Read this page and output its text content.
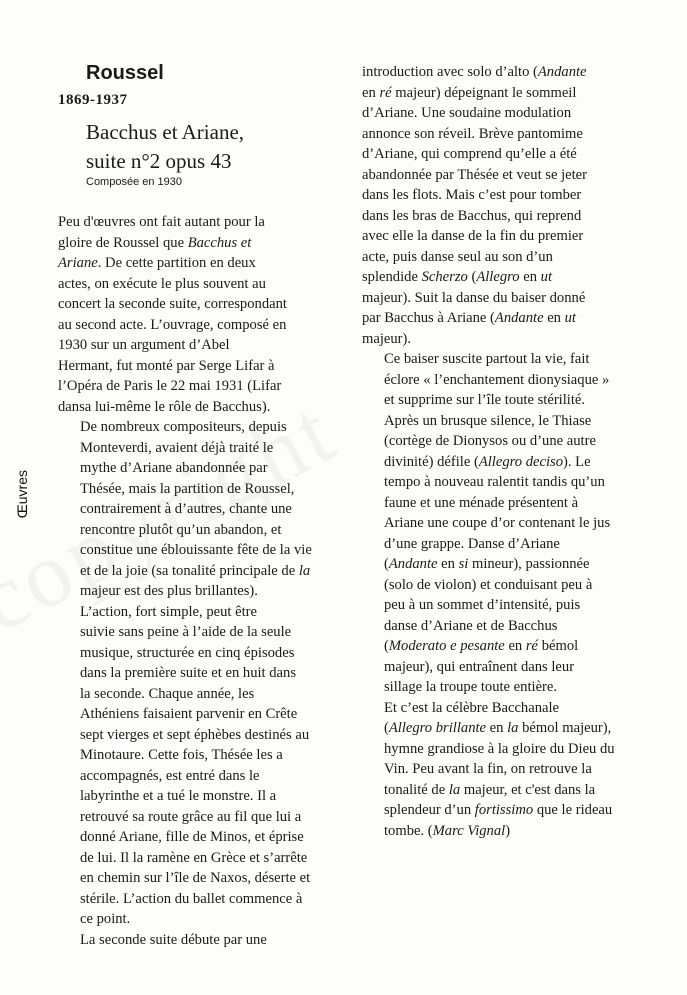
Œuvres
Roussel
1869-1937
Bacchus et Ariane,
suite n°2 opus 43
Composée en 1930

Peu d'œuvres ont fait autant pour la
gloire de Roussel que Bacchus et
Ariane. De cette partition en deux
actes, on exécute le plus souvent au
concert la seconde suite, correspondant
au second acte. L’ouvrage, composé en
1930 sur un argument d’Abel
Hermant, fut monté par Serge Lifar à
l’Opéra de Paris le 22 mai 1931 (Lifar
dansa lui-même le rôle de Bacchus).

De nombreux compositeurs, depuis
Monteverdi, avaient déjà traité le
mythe d’Ariane abandonnée par
Thésée, mais la partition de Roussel,
contrairement à d’autres, chante une
rencontre plutôt qu’un abandon, et
constitue une éblouissante fête de la vie
et de la joie (sa tonalité principale de la
majeur est des plus brillantes).

L’action, fort simple, peut être
suivie sans peine à l’aide de la seule
musique, structurée en cinq épisodes
dans la première suite et en huit dans
la seconde. Chaque année, les
Athéniens faisaient parvenir en Crête
sept vierges et sept éphèbes destinés au
Minotaure. Cette fois, Thésée les a
accompagnés, est entré dans le
labyrinthe et a tué le monstre. Il a
retrouvé sa route grâce au fil que lui a
donné Ariane, fille de Minos, et éprise
de lui. Il la ramène en Grèce et s’arrête
en chemin sur l’île de Naxos, déserte et
stérile. L’action du ballet commence à
ce point.

La seconde suite débute par une

introduction avec solo d’alto (Andante
en ré majeur) dépeignant le sommeil
d’Ariane. Une soudaine modulation
annonce son réveil. Brève pantomime
d’Ariane, qui comprend qu’elle a été
abandonnée par Thésée et veut se jeter
dans les flots. Mais c’est pour tomber
dans les bras de Bacchus, qui reprend
avec elle la danse de la fin du premier
acte, puis danse seul au son d’un
splendide Scherzo (Allegro en ut
majeur). Suit la danse du baiser donné
par Bacchus à Ariane (Andante en ut
majeur).

Ce baiser suscite partout la vie, fait
éclore « l’enchantement dionysiaque »
et supprime sur l’île toute stérilité.
Après un brusque silence, le Thiase
(cortège de Dionysos ou d’une autre
divinité) défile (Allegro deciso). Le
tempo à nouveau ralentit tandis qu’un
faune et une ménade présentent à
Ariane une coupe d’or contenant le jus
d’une grappe. Danse d’Ariane
(Andante en si mineur), passionnée
(solo de violon) et conduisant peu à
peu à un sommet d’intensité, puis
danse d’Ariane et de Bacchus
(Moderato e pesante en ré bémol
majeur), qui entraînent dans leur
sillage la troupe toute entière.

Et c’est la célèbre Bacchanale
(Allegro brillante en la bémol majeur),
hymne grandiose à la gloire du Dieu du
Vin. Peu avant la fin, on retrouve la
tonalité de la majeur, et c'est dans la
splendeur d’un fortissimo que le rideau
tombe. (Marc Vignal)
